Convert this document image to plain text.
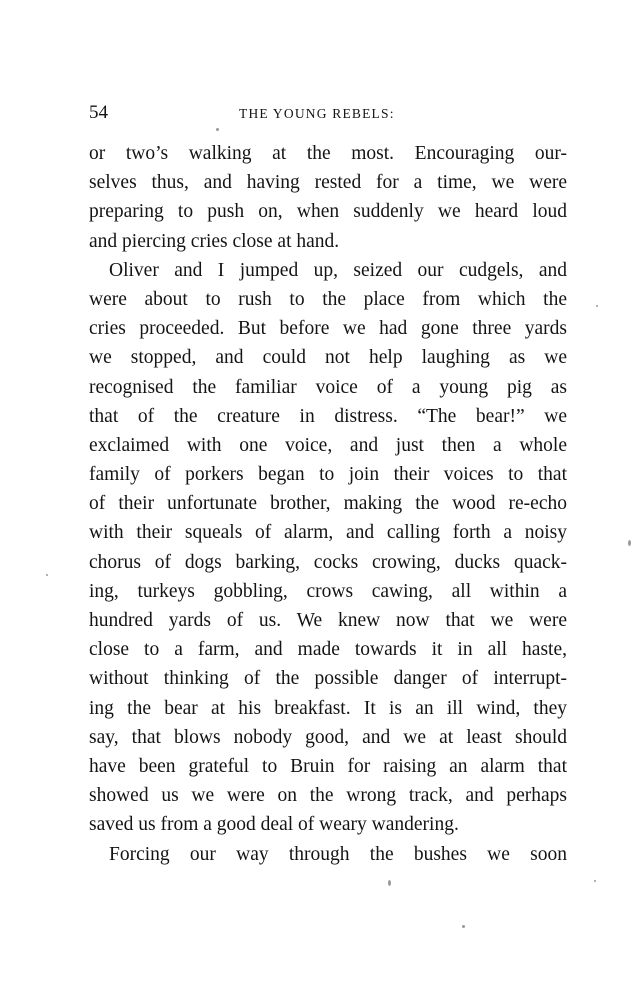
54	THE YOUNG REBELS:
or two’s walking at the most. Encouraging our-
selves thus, and having rested for a time, we were
preparing to push on, when suddenly we heard loud
and piercing cries close at hand.
Oliver and I jumped up, seized our cudgels, and
were about to rush to the place from which the
cries proceeded. But before we had gone three yards
we stopped, and could not help laughing as we
recognised the familiar voice of a young pig as
that of the creature in distress. “The bear!” we
exclaimed with one voice, and just then a whole
family of porkers began to join their voices to that
of their unfortunate brother, making the wood re-echo
with their squeals of alarm, and calling forth a noisy
chorus of dogs barking, cocks crowing, ducks quack-
ing, turkeys gobbling, crows cawing, all within a
hundred yards of us. We knew now that we were
close to a farm, and made towards it in all haste,
without thinking of the possible danger of interrupt-
ing the bear at his breakfast. It is an ill wind, they
say, that blows nobody good, and we at least should
have been grateful to Bruin for raising an alarm that
showed us we were on the wrong track, and perhaps
saved us from a good deal of weary wandering.
Forcing our way through the bushes we soon
